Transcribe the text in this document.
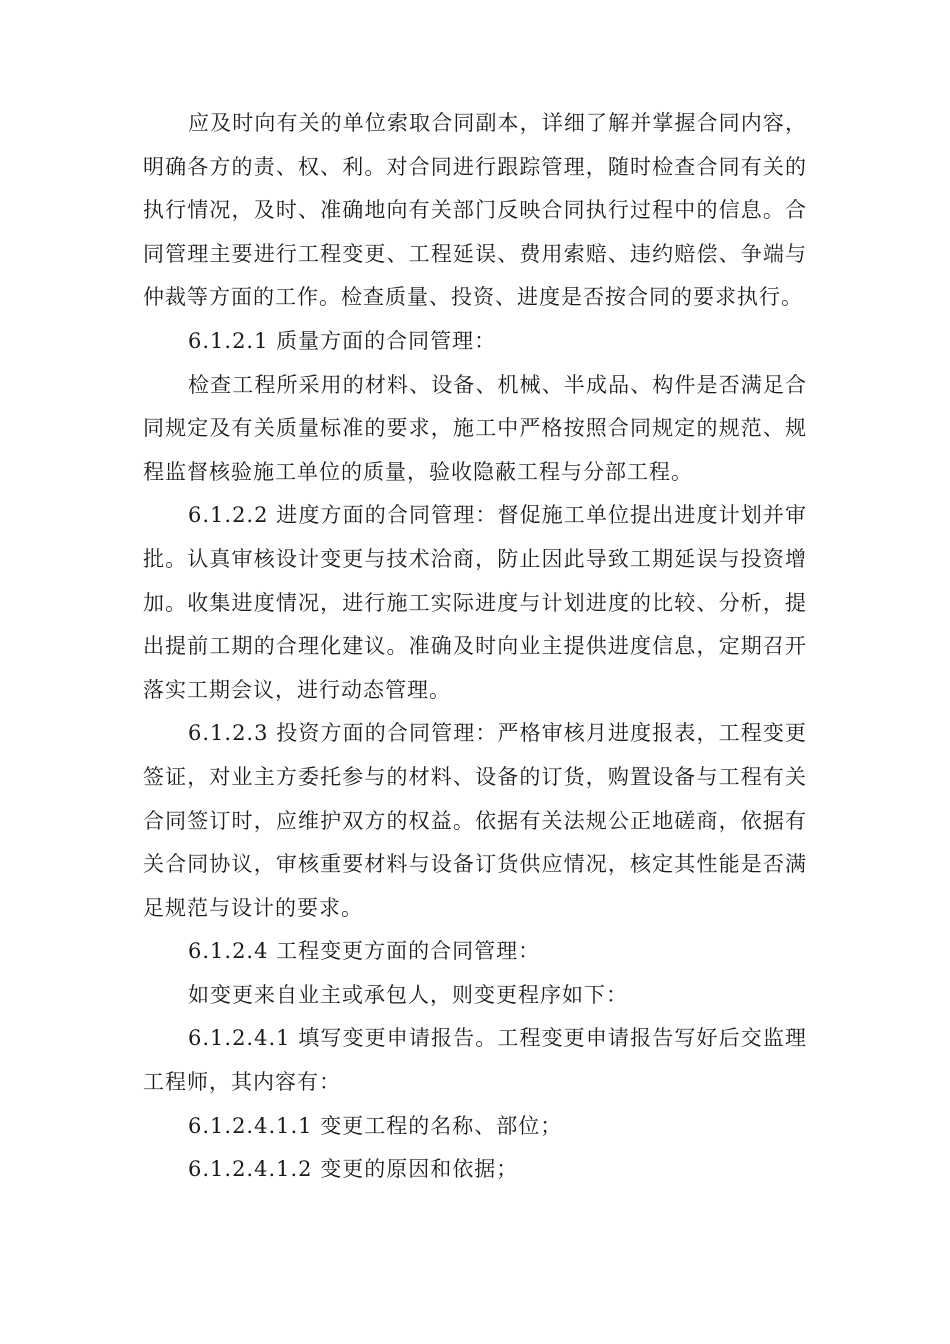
应及时向有关的单位索取合同副本，详细了解并掌握合同内容，明确各方的责、权、利。对合同进行跟踪管理，随时检查合同有关的执行情况，及时、准确地向有关部门反映合同执行过程中的信息。合同管理主要进行工程变更、工程延误、费用索赔、违约赔偿、争端与仲裁等方面的工作。检查质量、投资、进度是否按合同的要求执行。

6.1.2.1 质量方面的合同管理：

检查工程所采用的材料、设备、机械、半成品、构件是否满足合同规定及有关质量标准的要求，施工中严格按照合同规定的规范、规程监督核验施工单位的质量，验收隐蔽工程与分部工程。

6.1.2.2 进度方面的合同管理：督促施工单位提出进度计划并审批。认真审核设计变更与技术洽商，防止因此导致工期延误与投资增加。收集进度情况，进行施工实际进度与计划进度的比较、分析，提出提前工期的合理化建议。准确及时向业主提供进度信息，定期召开落实工期会议，进行动态管理。

6.1.2.3 投资方面的合同管理：严格审核月进度报表，工程变更签证，对业主方委托参与的材料、设备的订货，购置设备与工程有关合同签订时，应维护双方的权益。依据有关法规公正地磋商，依据有关合同协议，审核重要材料与设备订货供应情况，核定其性能是否满足规范与设计的要求。

6.1.2.4 工程变更方面的合同管理：

如变更来自业主或承包人，则变更程序如下：

6.1.2.4.1 填写变更申请报告。工程变更申请报告写好后交监理工程师，其内容有：

6.1.2.4.1.1 变更工程的名称、部位；

6.1.2.4.1.2 变更的原因和依据；
